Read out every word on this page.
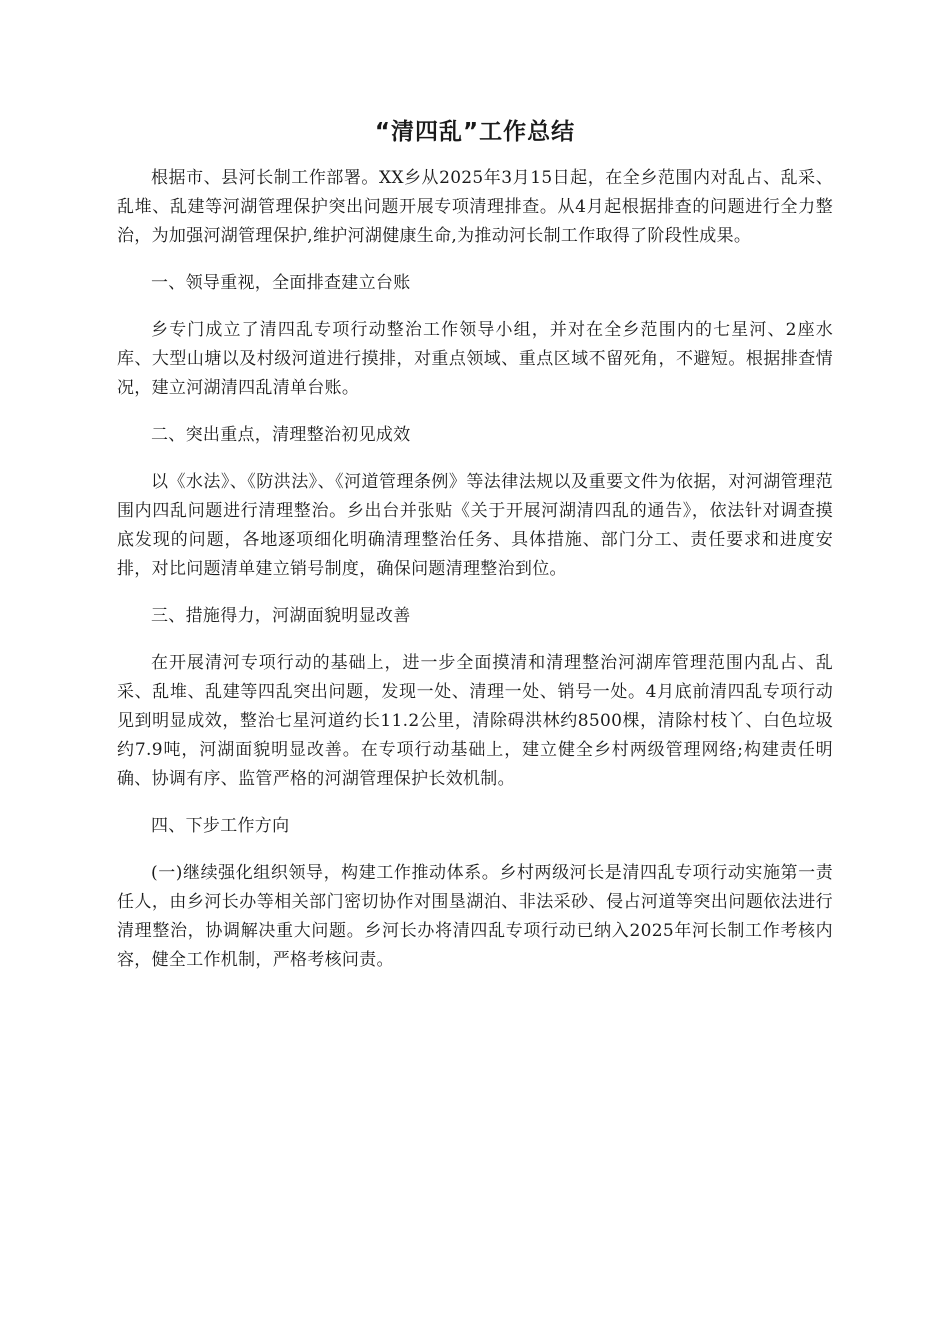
“清四乱”工作总结

根据市、县河长制工作部署。XX乡从2025年3月15日起，在全乡范围内对乱占、乱采、乱堆、乱建等河湖管理保护突出问题开展专项清理排查。从4月起根据排查的问题进行全力整治，为加强河湖管理保护,维护河湖健康生命,为推动河长制工作取得了阶段性成果。

一、领导重视，全面排查建立台账

乡专门成立了清四乱专项行动整治工作领导小组，并对在全乡范围内的七星河、2座水库、大型山塘以及村级河道进行摸排，对重点领域、重点区域不留死角，不避短。根据排查情况，建立河湖清四乱清单台账。

二、突出重点，清理整治初见成效

以《水法》、《防洪法》、《河道管理条例》等法律法规以及重要文件为依据，对河湖管理范围内四乱问题进行清理整治。乡出台并张贴《关于开展河湖清四乱的通告》，依法针对调查摸底发现的问题，各地逐项细化明确清理整治任务、具体措施、部门分工、责任要求和进度安排，对比问题清单建立销号制度，确保问题清理整治到位。

三、措施得力，河湖面貌明显改善

在开展清河专项行动的基础上，进一步全面摸清和清理整治河湖库管理范围内乱占、乱采、乱堆、乱建等四乱突出问题，发现一处、清理一处、销号一处。4月底前清四乱专项行动见到明显成效，整治七星河道约长11.2公里，清除碍洪林约8500棵，清除村枝丫、白色垃圾约7.9吨，河湖面貌明显改善。在专项行动基础上，建立健全乡村两级管理网络;构建责任明确、协调有序、监管严格的河湖管理保护长效机制。

四、下步工作方向

(一)继续强化组织领导，构建工作推动体系。乡村两级河长是清四乱专项行动实施第一责任人，由乡河长办等相关部门密切协作对围垦湖泊、非法采砂、侵占河道等突出问题依法进行清理整治，协调解决重大问题。乡河长办将清四乱专项行动已纳入2025年河长制工作考核内容，健全工作机制，严格考核问责。
